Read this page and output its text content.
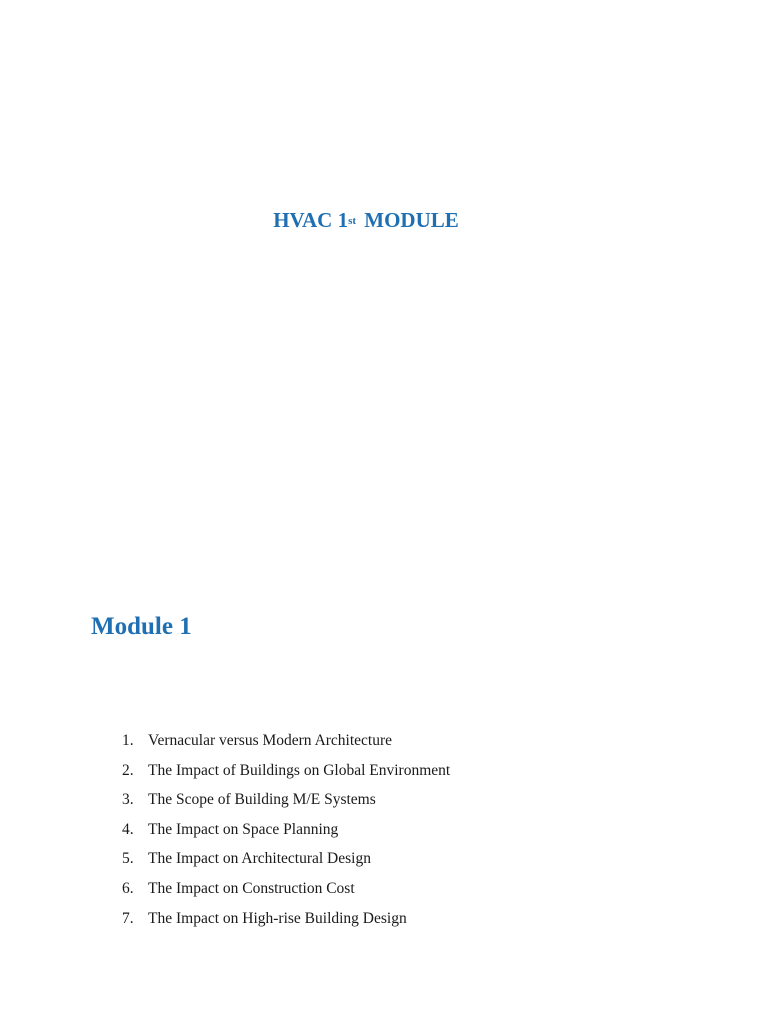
HVAC 1st MODULE
Module 1
1. Vernacular versus Modern Architecture
2. The Impact of Buildings on Global Environment
3. The Scope of Building M/E Systems
4. The Impact on Space Planning
5. The Impact on Architectural Design
6. The Impact on Construction Cost
7. The Impact on High-rise Building Design
